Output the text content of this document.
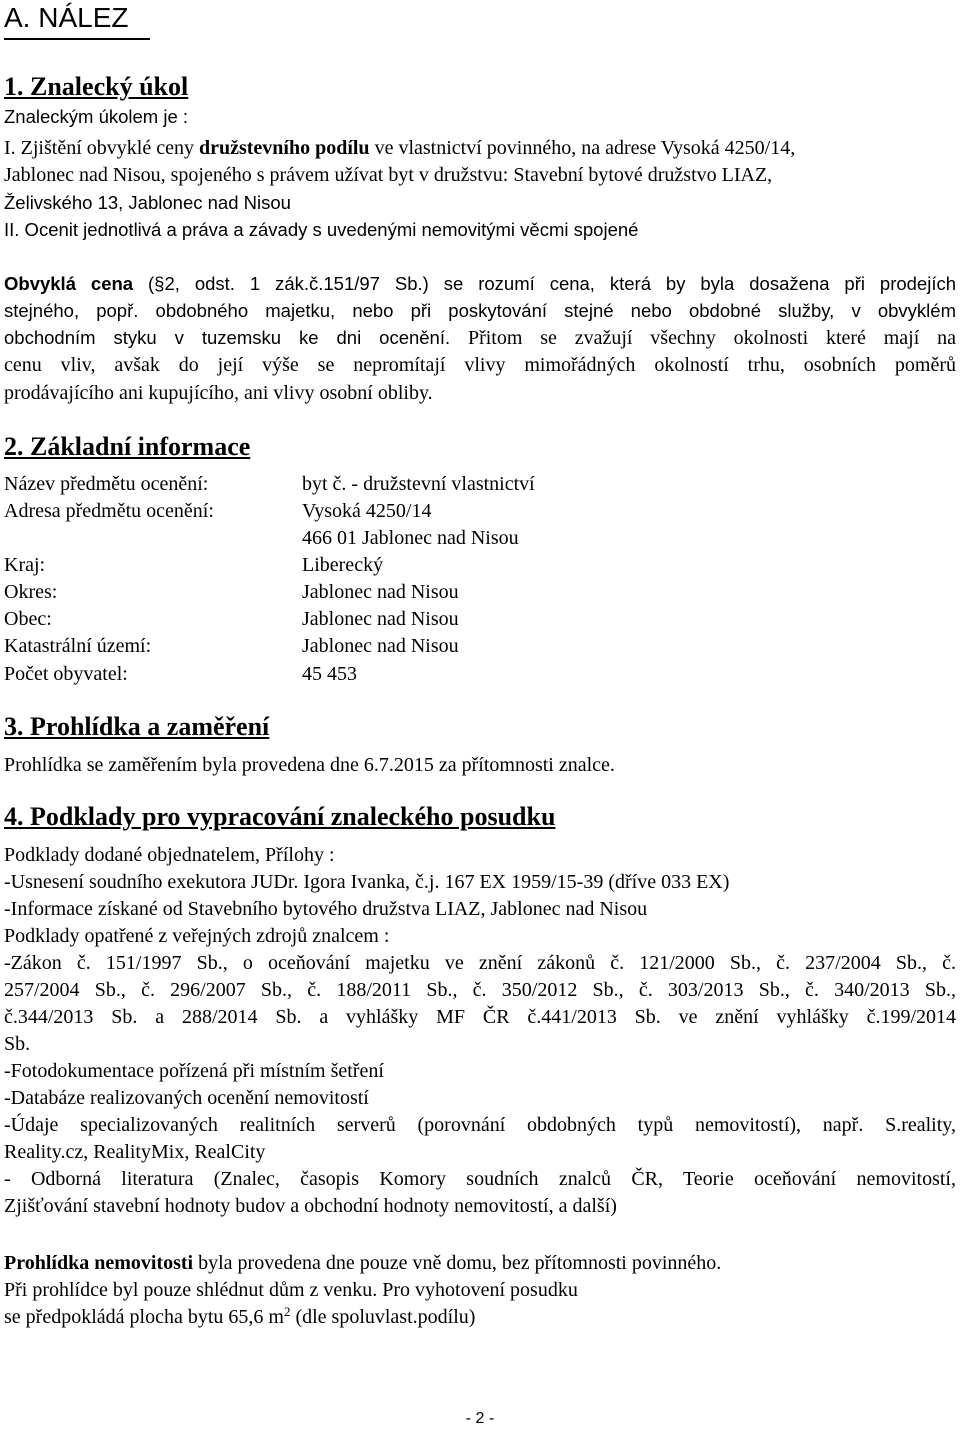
A. NÁLEZ
1. Znalecký úkol
Znaleckým úkolem je :
I. Zjištění obvyklé ceny družstevního podílu ve vlastnictví povinného, na adrese Vysoká 4250/14,
Jablonec nad Nisou, spojeného s právem užívat byt v družstvu: Stavební bytové družstvo LIAZ,
Želivského 13, Jablonec nad Nisou
II. Ocenit jednotlivá a práva a závady s uvedenými nemovitými věcmi spojené
Obvyklá cena (§2, odst. 1 zák.č.151/97 Sb.) se rozumí cena, která by byla dosažena při prodejích
stejného, popř. obdobného majetku, nebo při poskytování stejné nebo obdobné služby, v obvyklém
obchodním styku v tuzemsku ke dni ocenění. Přitom se zvažují všechny okolnosti které mají na
cenu vliv, avšak do její výše se nepromítají vlivy mimořádných okolností trhu, osobních poměrů
prodávajícího ani kupujícího, ani vlivy osobní obliby.
2. Základní informace
Název předmětu ocenění:	byt č. - družstevní vlastnictví
Adresa předmětu ocenění:	Vysoká 4250/14
466 01 Jablonec nad Nisou
Kraj:	Liberecký
Okres:	Jablonec nad Nisou
Obec:	Jablonec nad Nisou
Katastrální území:	Jablonec nad Nisou
Počet obyvatel:	45 453
3. Prohlídka a zaměření
Prohlídka se zaměřením byla provedena dne 6.7.2015 za přítomnosti znalce.
4. Podklady pro vypracování znaleckého posudku
Podklady dodané objednatelem, Přílohy :
-Usnesení soudního exekutora JUDr. Igora Ivanka, č.j. 167 EX 1959/15-39 (dříve 033 EX)
-Informace získané od Stavebního bytového družstva LIAZ, Jablonec nad Nisou
Podklady opatřené z veřejných zdrojů znalcem :
-Zákon č. 151/1997 Sb., o oceňování majetku ve znění zákonů č. 121/2000 Sb., č. 237/2004 Sb., č.
257/2004 Sb., č. 296/2007 Sb., č. 188/2011 Sb., č. 350/2012 Sb., č. 303/2013 Sb., č. 340/2013 Sb.,
č.344/2013 Sb. a 288/2014 Sb. a vyhlášky MF ČR č.441/2013 Sb. ve znění vyhlášky č.199/2014
Sb.
-Fotodokumentace pořízená při místním šetření
-Databáze realizovaných ocenění nemovitostí
-Údaje specializovaných realitních serverů (porovnání obdobných typů nemovitostí), např. S.reality,
Reality.cz, RealityMix, RealCity
- Odborná literatura (Znalec, časopis Komory soudních znalců ČR, Teorie oceňování nemovitostí,
Zjišťování stavební hodnoty budov a obchodní hodnoty nemovitostí, a další)
Prohlídka nemovitosti byla provedena dne pouze vně domu, bez přítomnosti povinného.
Při prohlídce byl pouze shlédnut dům z venku. Pro vyhotovení posudku
se předpokládá plocha bytu 65,6 $m^2$ (dle spoluvlast.podílu)
- 2 -
